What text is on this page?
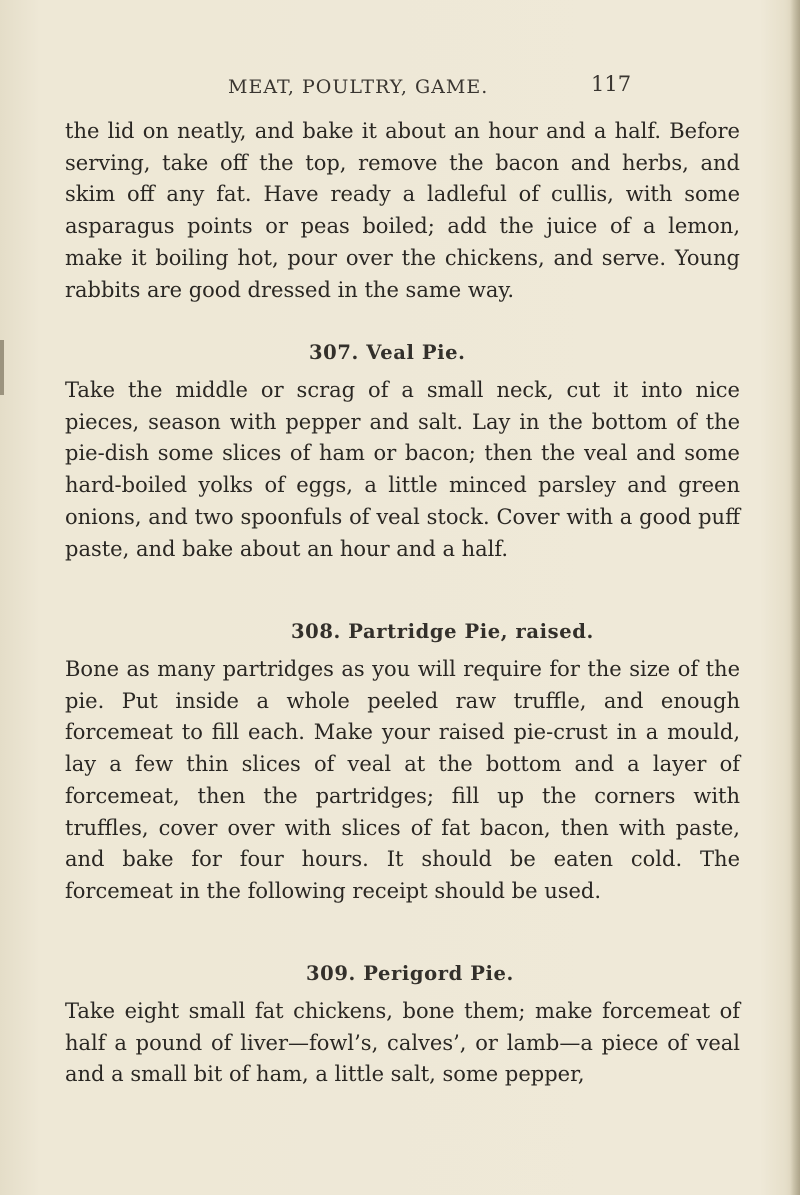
MEAT, POULTRY, GAME.	117

the lid on neatly, and bake it about an hour and a half. Before serving, take off the top, remove the bacon and herbs, and skim off any fat. Have ready a ladleful of cullis, with some asparagus points or peas boiled; add the juice of a lemon, make it boiling hot, pour over the chickens, and serve. Young rabbits are good dressed in the same way.

307. Veal Pie.

Take the middle or scrag of a small neck, cut it into nice pieces, season with pepper and salt. Lay in the bottom of the pie-dish some slices of ham or bacon; then the veal and some hard-boiled yolks of eggs, a little minced parsley and green onions, and two spoonfuls of veal stock. Cover with a good puff paste, and bake about an hour and a half.

308. Partridge Pie, raised.

Bone as many partridges as you will require for the size of the pie. Put inside a whole peeled raw truffle, and enough forcemeat to fill each. Make your raised pie-crust in a mould, lay a few thin slices of veal at the bottom and a layer of forcemeat, then the partridges; fill up the corners with truffles, cover over with slices of fat bacon, then with paste, and bake for four hours. It should be eaten cold. The forcemeat in the following receipt should be used.

309. Perigord Pie.

Take eight small fat chickens, bone them; make forcemeat of half a pound of liver—fowl’s, calves’, or lamb—a piece of veal and a small bit of ham, a little salt, some pepper,
